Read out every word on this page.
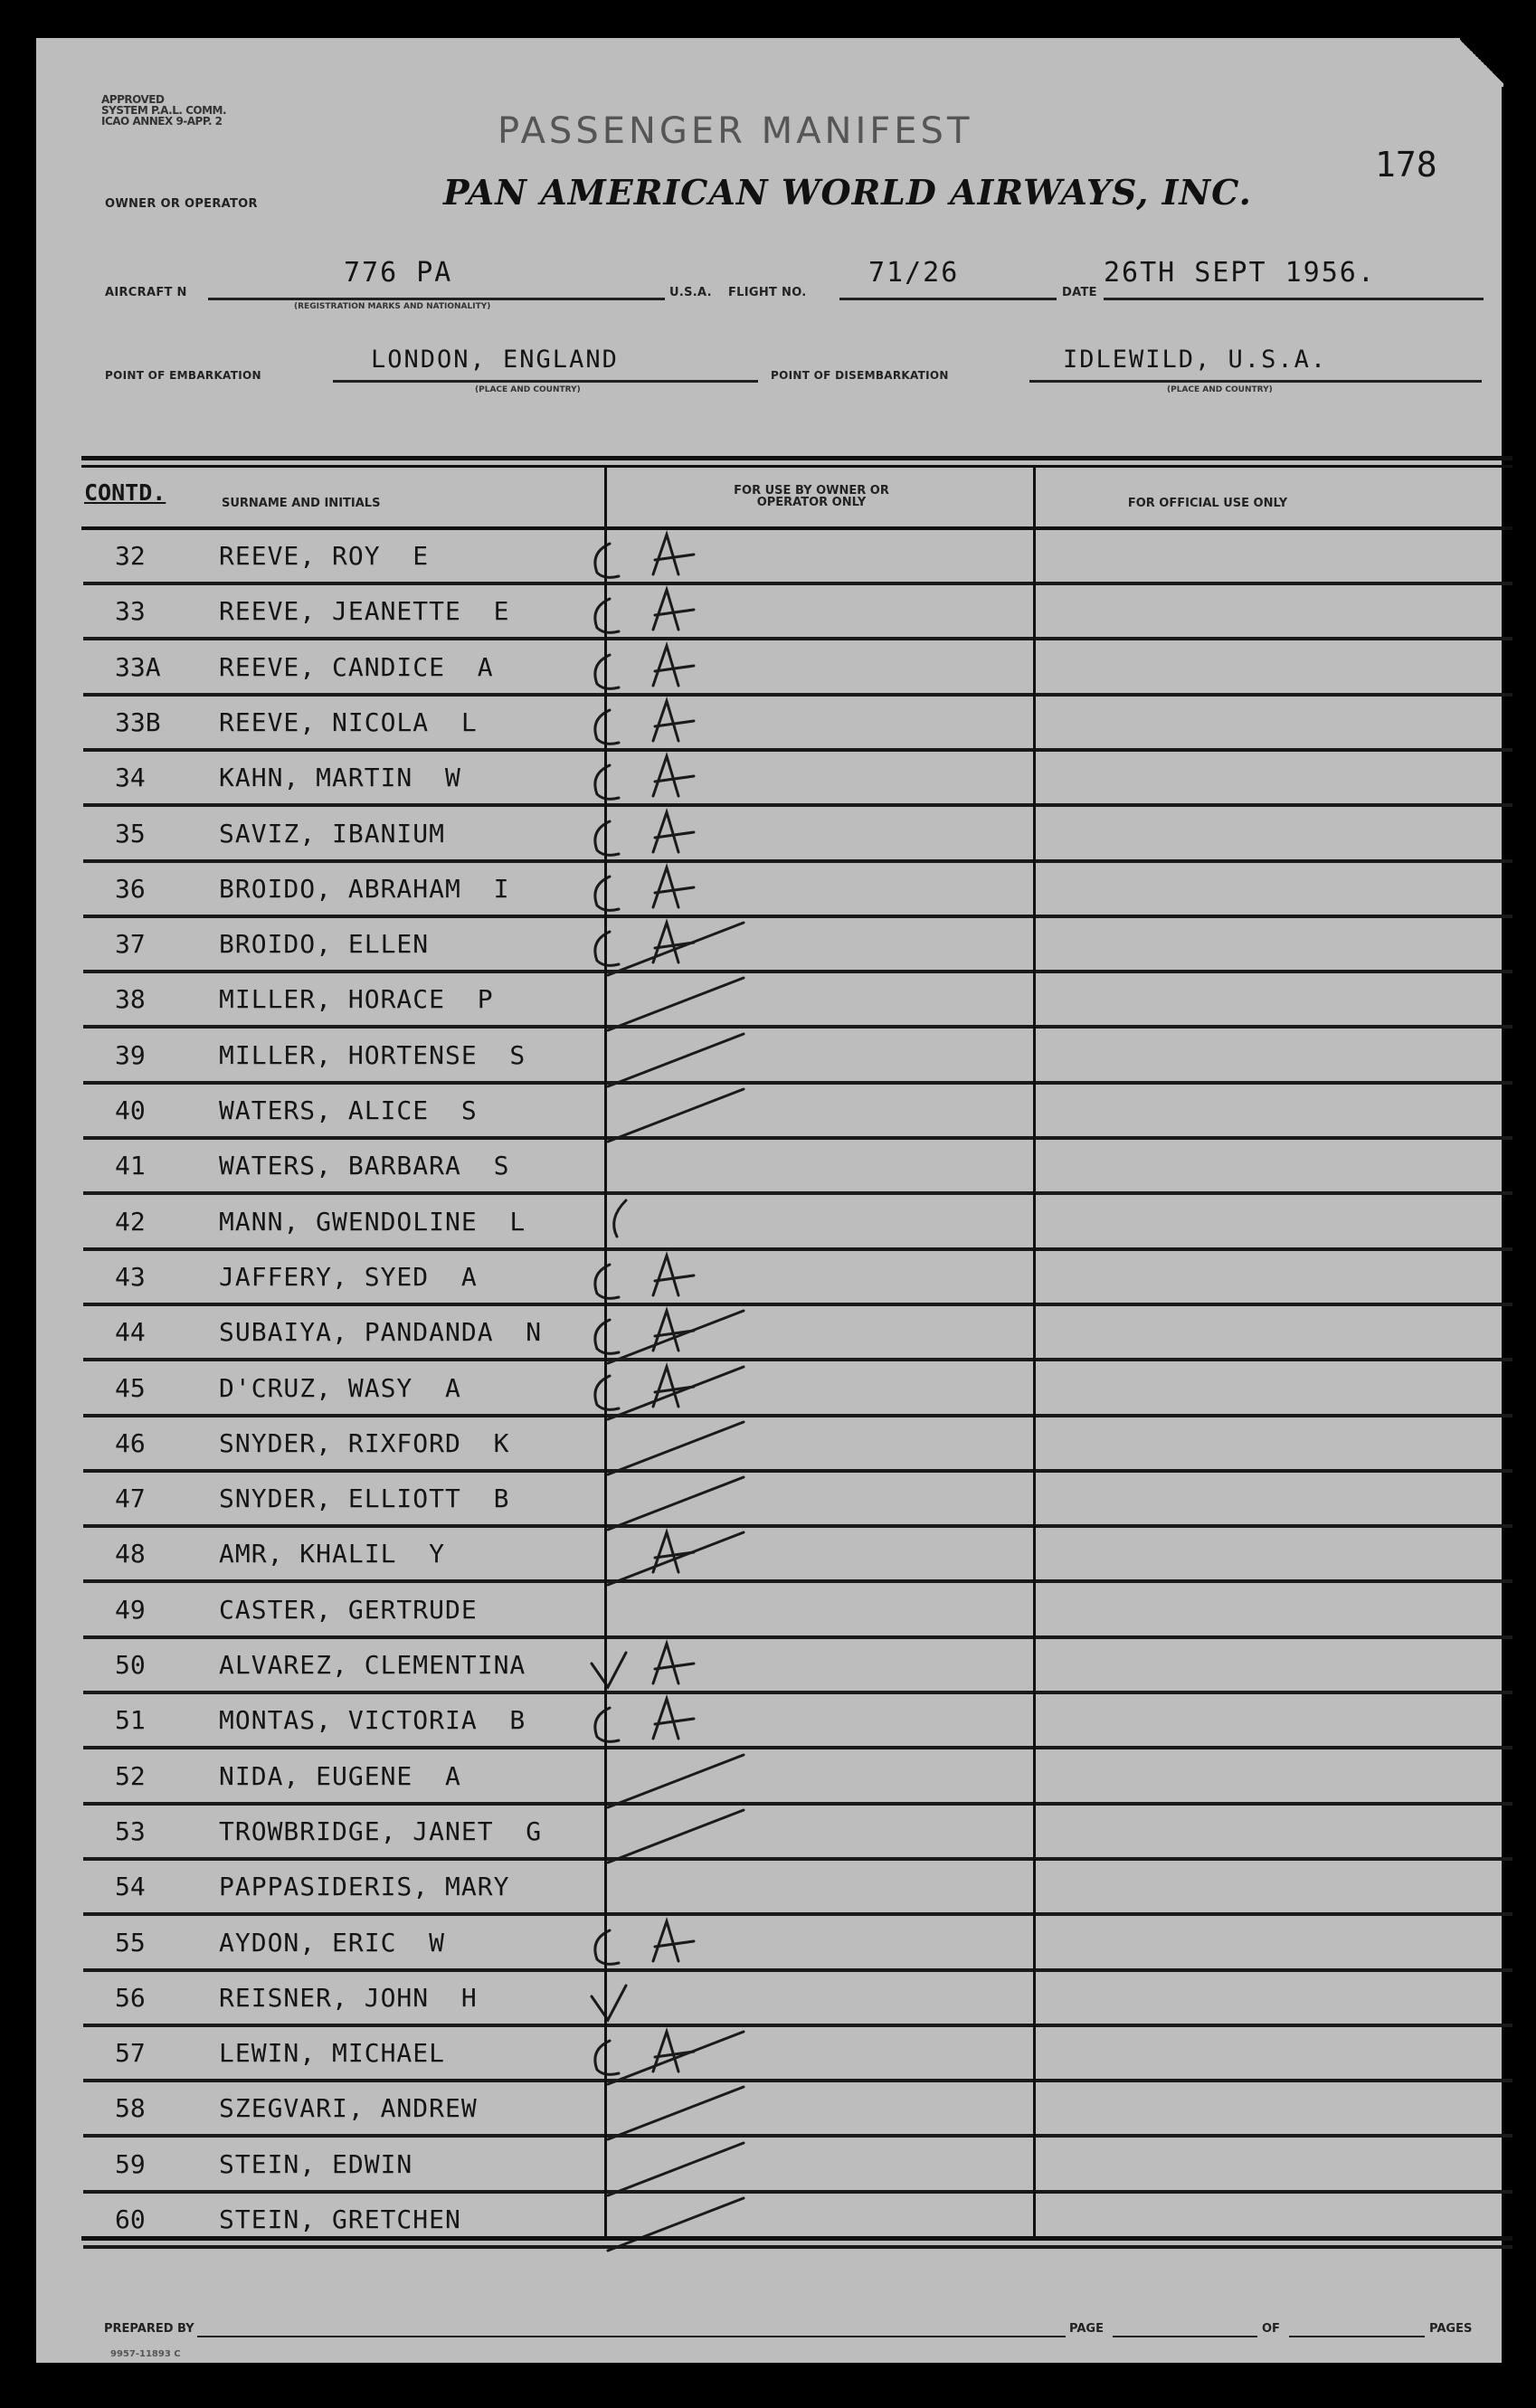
APPROVED
SYSTEM P.A.L. COMM.
ICAO ANNEX 9-APP. 2	PASSENGER MANIFEST
178
OWNER OR OPERATOR	PAN AMERICAN WORLD AIRWAYS, INC.
AIRCRAFT N
776 PA
(REGISTRATION MARKS AND NATIONALITY)
U.S.A. FLIGHT NO.
71/26
DATE
26TH SEPT 1956.
POINT OF EMBARKATION
LONDON, ENGLAND
(PLACE AND COUNTRY)
POINT OF DISEMBARKATION
IDLEWILD, U.S.A.
(PLACE AND COUNTRY)
CONTD.	SURNAME AND INITIALS
FOR USE BY OWNER OR OPERATOR ONLY	FOR OFFICIAL USE ONLY
32	REEVE, ROY  E
33	REEVE, JEANETTE  E
33A REEVE, CANDICE  A
33B REEVE, NICOLA  L
34	KAHN, MARTIN  W
35	SAVIZ, IBANIUM
36	BROIDO, ABRAHAM  I
37	BROIDO, ELLEN
38	MILLER, HORACE  P
39	MILLER, HORTENSE  S
40	WATERS, ALICE  S
41	WATERS, BARBARA  S
42	MANN, GWENDOLINE  L
43	JAFFERY, SYED  A
44	SUBAIYA, PANDANDA  N
45	D'CRUZ, WASY  A
46	SNYDER, RIXFORD  K
47	SNYDER, ELLIOTT  B
48	AMR, KHALIL  Y
49	CASTER, GERTRUDE
50	ALVAREZ, CLEMENTINA
51	MONTAS, VICTORIA  B
52	NIDA, EUGENE  A
53	TROWBRIDGE, JANET  G
54	PAPPASIDERIS, MARY
55	AYDON, ERIC  W
56	REISNER, JOHN  H
57	LEWIN, MICHAEL
58	SZEGVARI, ANDREW
59	STEIN, EDWIN
60	STEIN, GRETCHEN
PREPARED BY	PAGE	OF	PAGES
9957-11893 C
